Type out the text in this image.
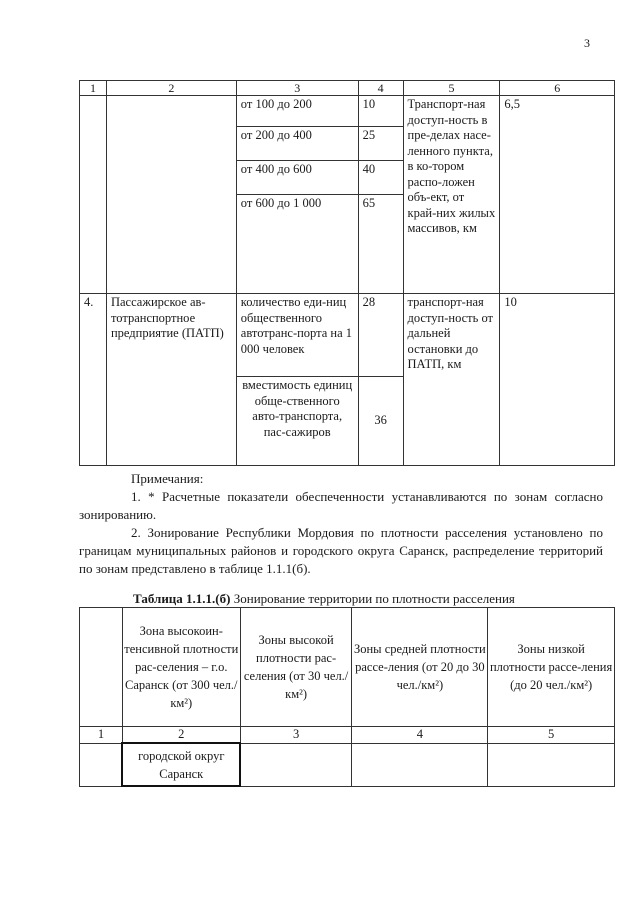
3
1	2	3	4	5	6
		от 100 до 200	10	Транспорт-ная доступ-ность в пре-делах насе-ленного пункта, в ко-тором распо-ложен объ-ект, от край-них жилых массивов, км	6,5
		от 200 до 400	25		
		от 400 до 600	40		
		от 600 до 1 000	65		
4.	Пассажирское ав-тотранспортное предприятие (ПАТП)	количество еди-ниц общественного автотранс-порта на 1 000 человек	28	транспорт-ная доступ-ность от дальней остановки до ПАТП, км	10
		вместимость единиц обще-ственного авто-транспорта, пас-сажиров	36		

Примечания:

1. * Расчетные показатели обеспеченности устанавливаются по зонам согласно зонированию.

2. Зонирование Республики Мордовия по плотности расселения установлено по границам муниципальных районов и городского округа Саранск, распределение территорий по зонам представлено в таблице 1.1.1(б).

Таблица 1.1.1.(б) Зонирование территории по плотности расселения
	Зона высокоин-тенсивной плотности рас-селения – г.о. Саранск (от 300 чел./км²)	Зоны высокой плотности рас-селения (от 30 чел./км²)	Зоны средней плотности рассе-ления (от 20 до 30 чел./км²)	Зоны низкой плотности рассе-ления (до 20 чел./км²)
1	2	3	4	5
	городской округ Саранск			
